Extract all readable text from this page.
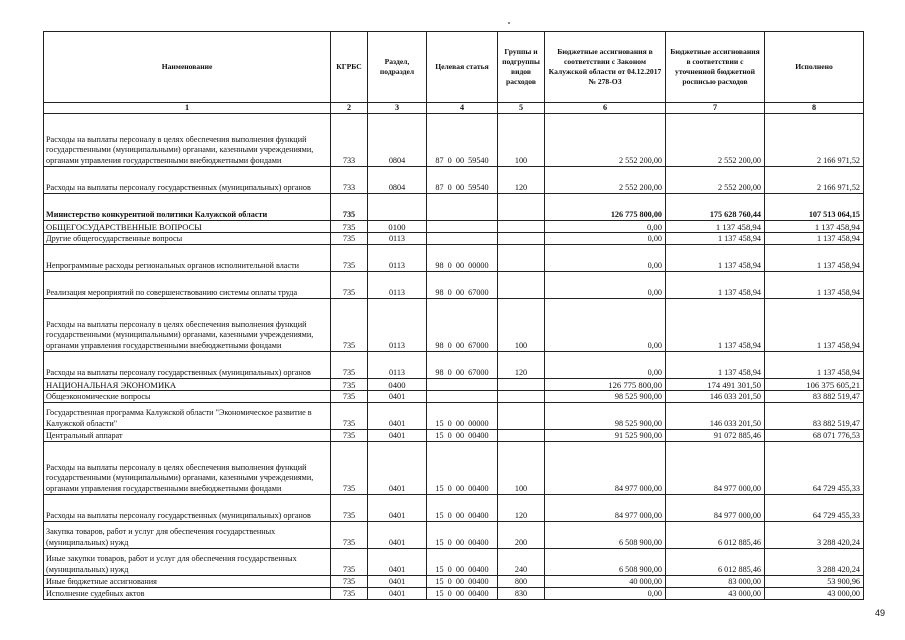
Наименование	КГРБС	Раздел, подраздел	Целевая статья	Группы и подгруппы видов расходов	Бюджетные ассигнования в соответствии с Законом Калужской области от 04.12.2017 № 278-ОЗ	Бюджетные ассигнования в соответствии с уточненной бюджетной росписью расходов	Исполнено
1	2	3	4	5	6	7	8
Расходы на выплаты персоналу в целях обеспечения выполнения функций государственными (муниципальными) органами, казенными учреждениями, органами управления государственными внебюджетными фондами	733	0804	87  0  00  59540	100	2 552 200,00	2 552 200,00	2 166 971,52
Расходы на выплаты персоналу государственных (муниципальных) органов	733	0804	87  0  00  59540	120	2 552 200,00	2 552 200,00	2 166 971,52
Министерство конкурентной политики Калужской области	735				126 775 800,00	175 628 760,44	107 513 064,15
ОБЩЕГОСУДАРСТВЕННЫЕ ВОПРОСЫ	735	0100			0,00	1 137 458,94	1 137 458,94
Другие общегосударственные вопросы	735	0113			0,00	1 137 458,94	1 137 458,94
Непрограммные расходы региональных органов исполнительной власти	735	0113	98  0  00  00000		0,00	1 137 458,94	1 137 458,94
Реализация мероприятий по совершенствованию системы оплаты труда	735	0113	98  0  00  67000		0,00	1 137 458,94	1 137 458,94
Расходы на выплаты персоналу в целях обеспечения выполнения функций государственными (муниципальными) органами, казенными учреждениями, органами управления государственными внебюджетными фондами	735	0113	98  0  00  67000	100	0,00	1 137 458,94	1 137 458,94
Расходы на выплаты персоналу государственных (муниципальных) органов	735	0113	98  0  00  67000	120	0,00	1 137 458,94	1 137 458,94
НАЦИОНАЛЬНАЯ ЭКОНОМИКА	735	0400			126 775 800,00	174 491 301,50	106 375 605,21
Общеэкономические вопросы	735	0401			98 525 900,00	146 033 201,50	83 882 519,47
Государственная программа Калужской области "Экономическое развитие в Калужской области"	735	0401	15  0  00  00000		98 525 900,00	146 033 201,50	83 882 519,47
Центральный аппарат	735	0401	15  0  00  00400		91 525 900,00	91 072 885,46	68 071 776,53
Расходы на выплаты персоналу в целях обеспечения выполнения функций государственными (муниципальными) органами, казенными учреждениями, органами управления государственными внебюджетными фондами	735	0401	15  0  00  00400	100	84 977 000,00	84 977 000,00	64 729 455,33
Расходы на выплаты персоналу государственных (муниципальных) органов	735	0401	15  0  00  00400	120	84 977 000,00	84 977 000,00	64 729 455,33
Закупка товаров, работ и услуг для обеспечения государственных (муниципальных) нужд	735	0401	15  0  00  00400	200	6 508 900,00	6 012 885,46	3 288 420,24
Иные закупки товаров, работ и услуг для обеспечения государственных (муниципальных) нужд	735	0401	15  0  00  00400	240	6 508 900,00	6 012 885,46	3 288 420,24
Иные бюджетные ассигнования	735	0401	15  0  00  00400	800	40 000,00	83 000,00	53 900,96
Исполнение судебных актов	735	0401	15  0  00  00400	830	0,00	43 000,00	43 000,00
49
